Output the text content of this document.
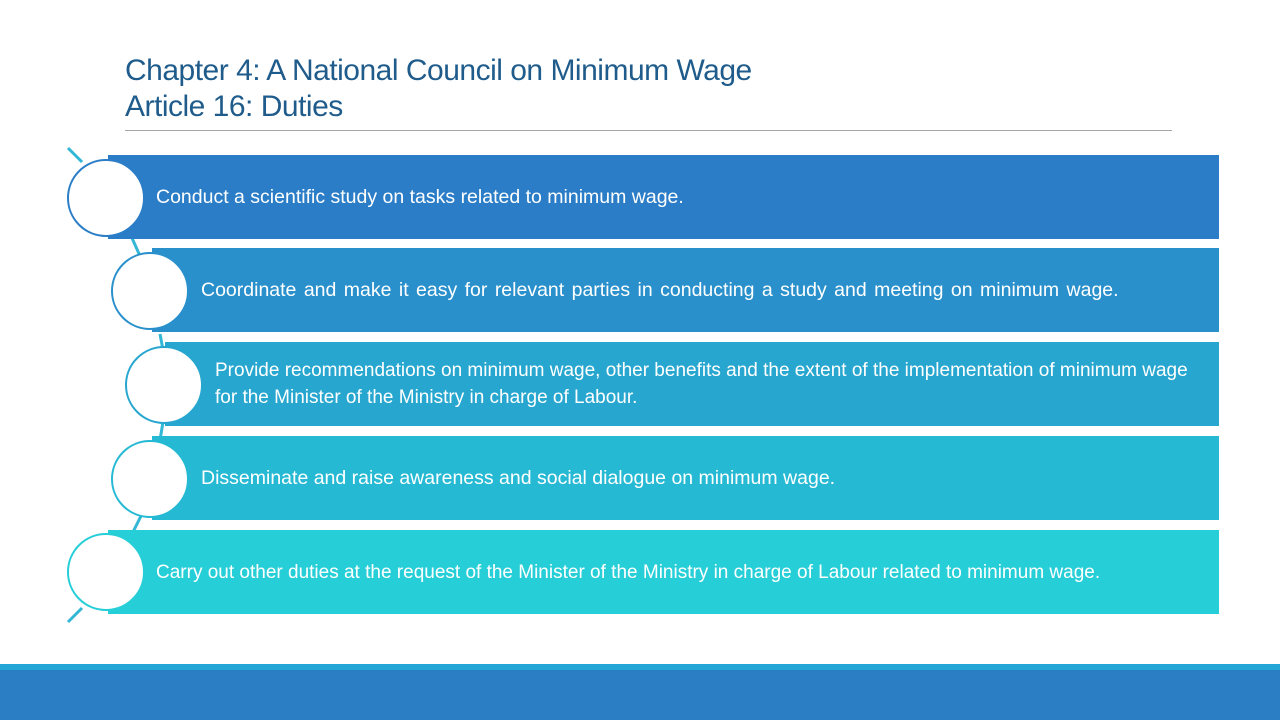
Chapter 4: A National Council on Minimum Wage
Article 16: Duties
Conduct a scientific study on tasks related to minimum wage.
Coordinate and make it easy for relevant parties in conducting a study and meeting on minimum wage.
Provide recommendations on minimum wage, other benefits and the extent of the implementation of minimum wage for the Minister of the Ministry in charge of Labour.
Disseminate and raise awareness and social dialogue on minimum wage.
Carry out other duties at the request of the Minister of the Ministry in charge of Labour related to minimum wage.
